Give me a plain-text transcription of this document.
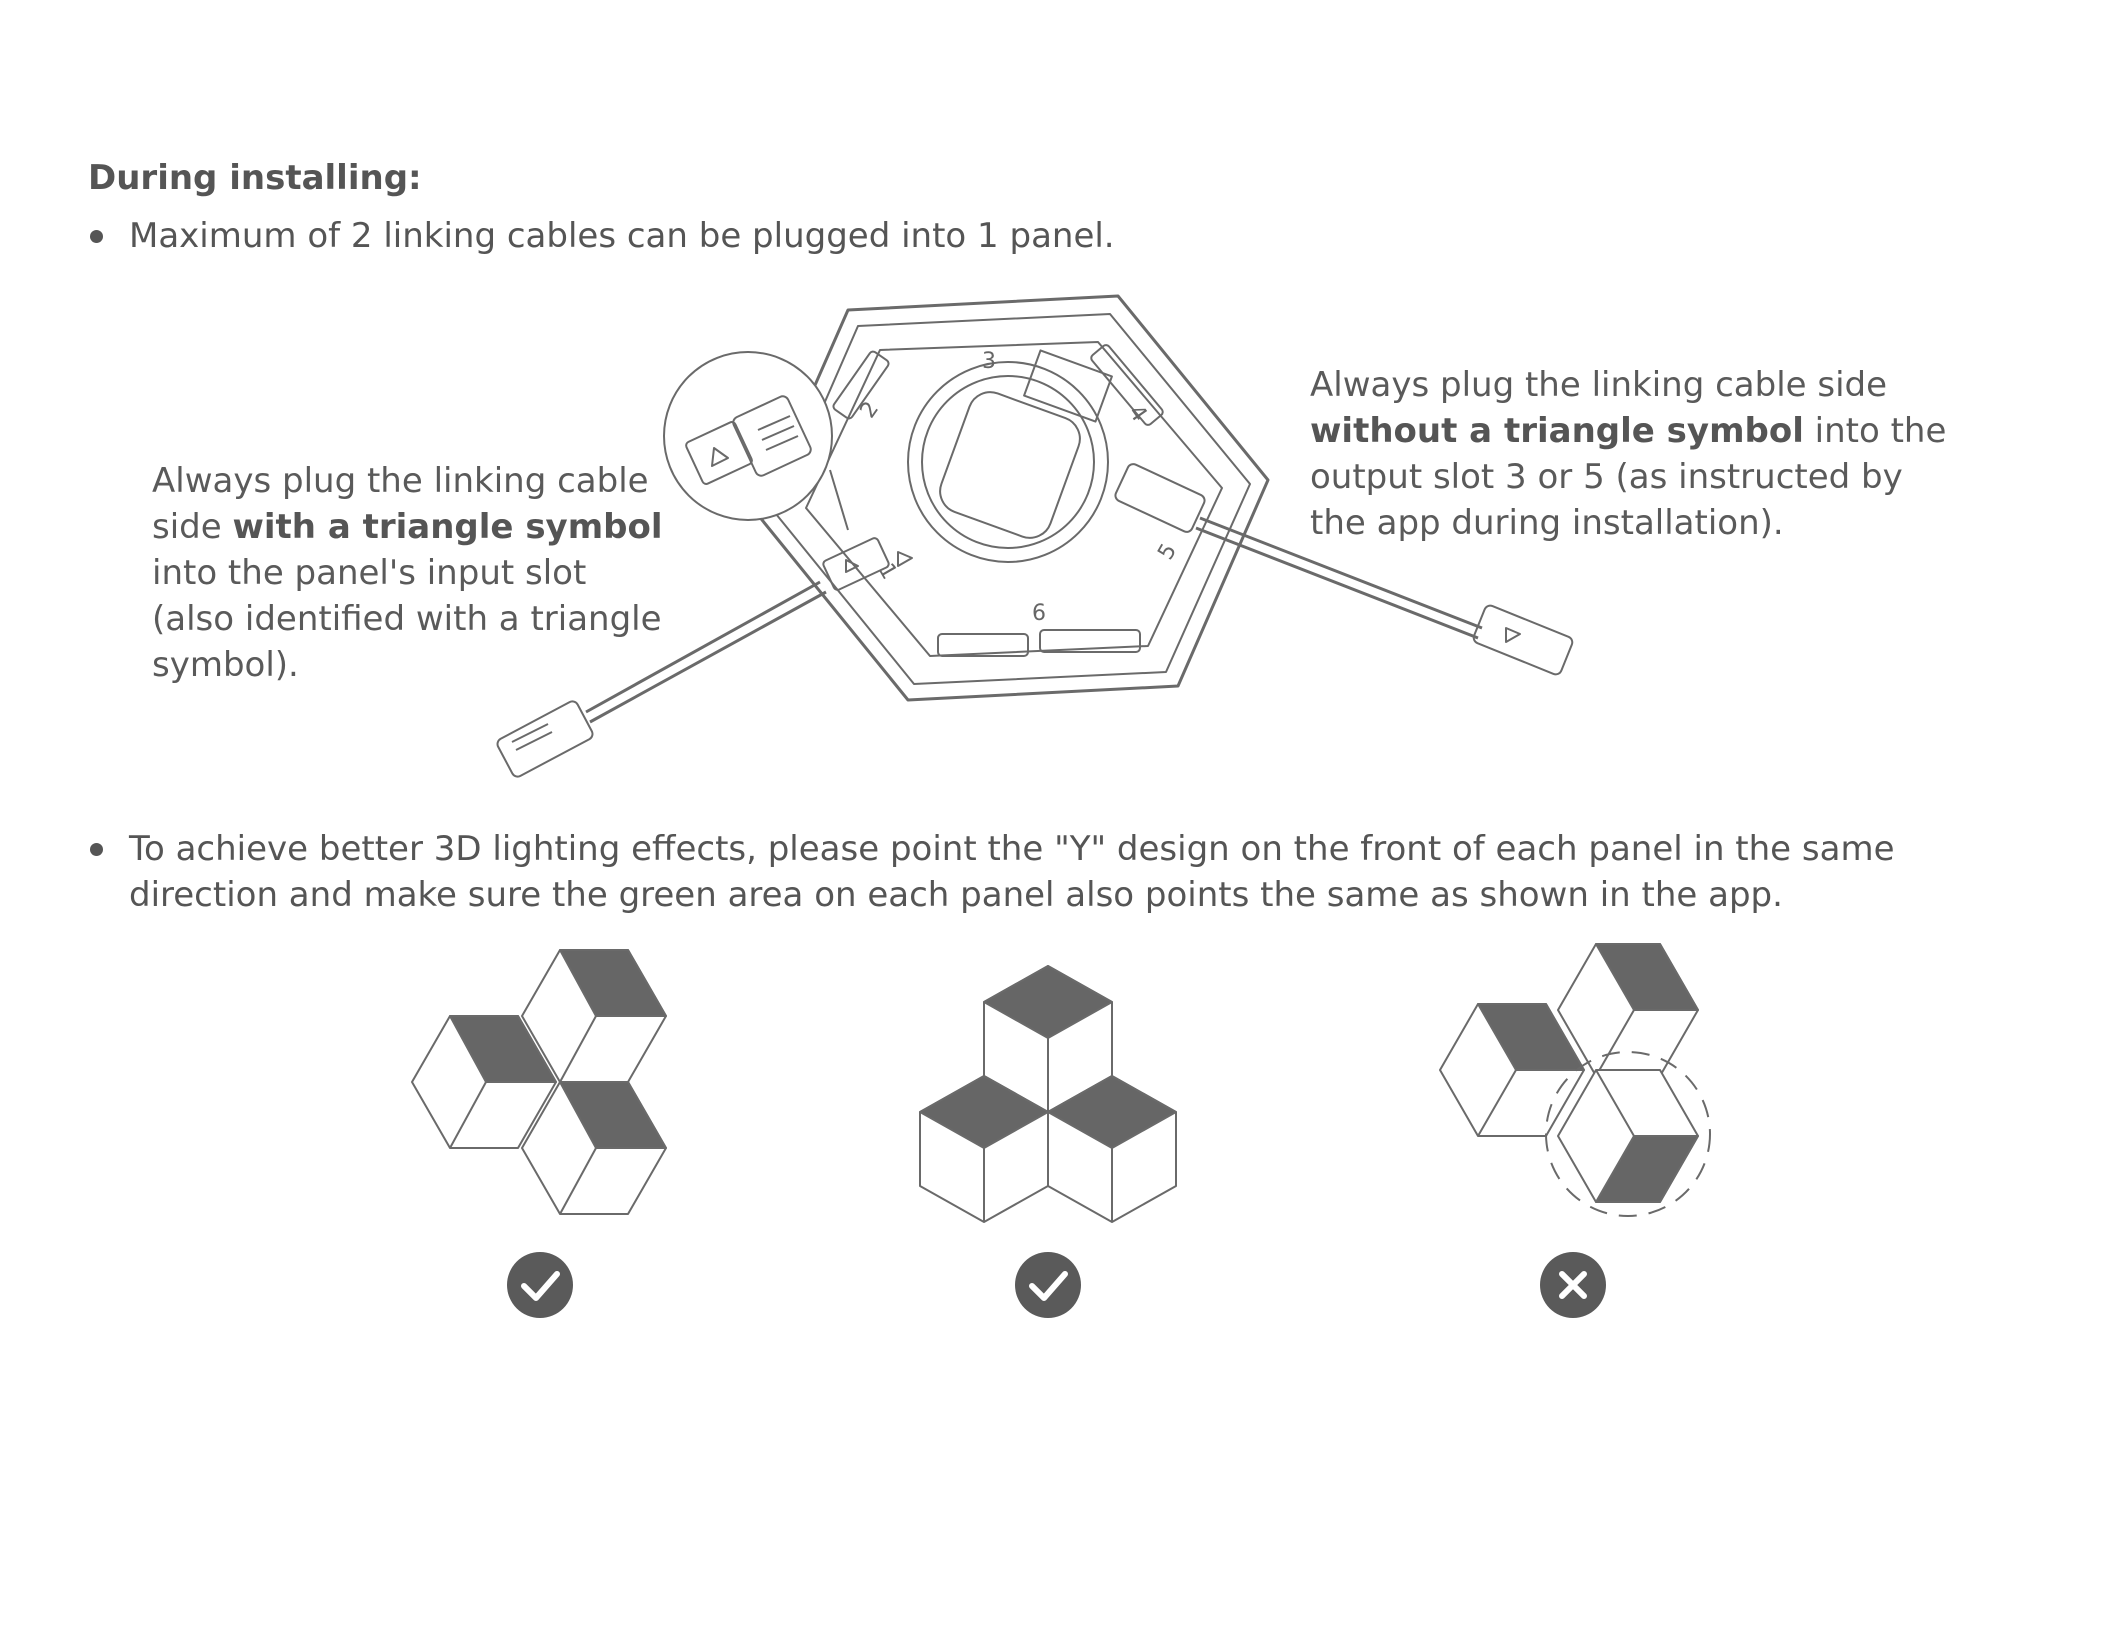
During installing:
Maximum of 2 linking cables can be plugged into 1 panel.
Always plug the linking cable side with a triangle symbol into the panel's input slot (also identified with a triangle symbol).
Always plug the linking cable side without a triangle symbol into the output slot 3 or 5 (as instructed by the app during installation).
3
4
5
6
1
2
To achieve better 3D lighting effects, please point the "Y" design on the front of each panel in the same direction and make sure the green area on each panel also points the same as shown in the app.
